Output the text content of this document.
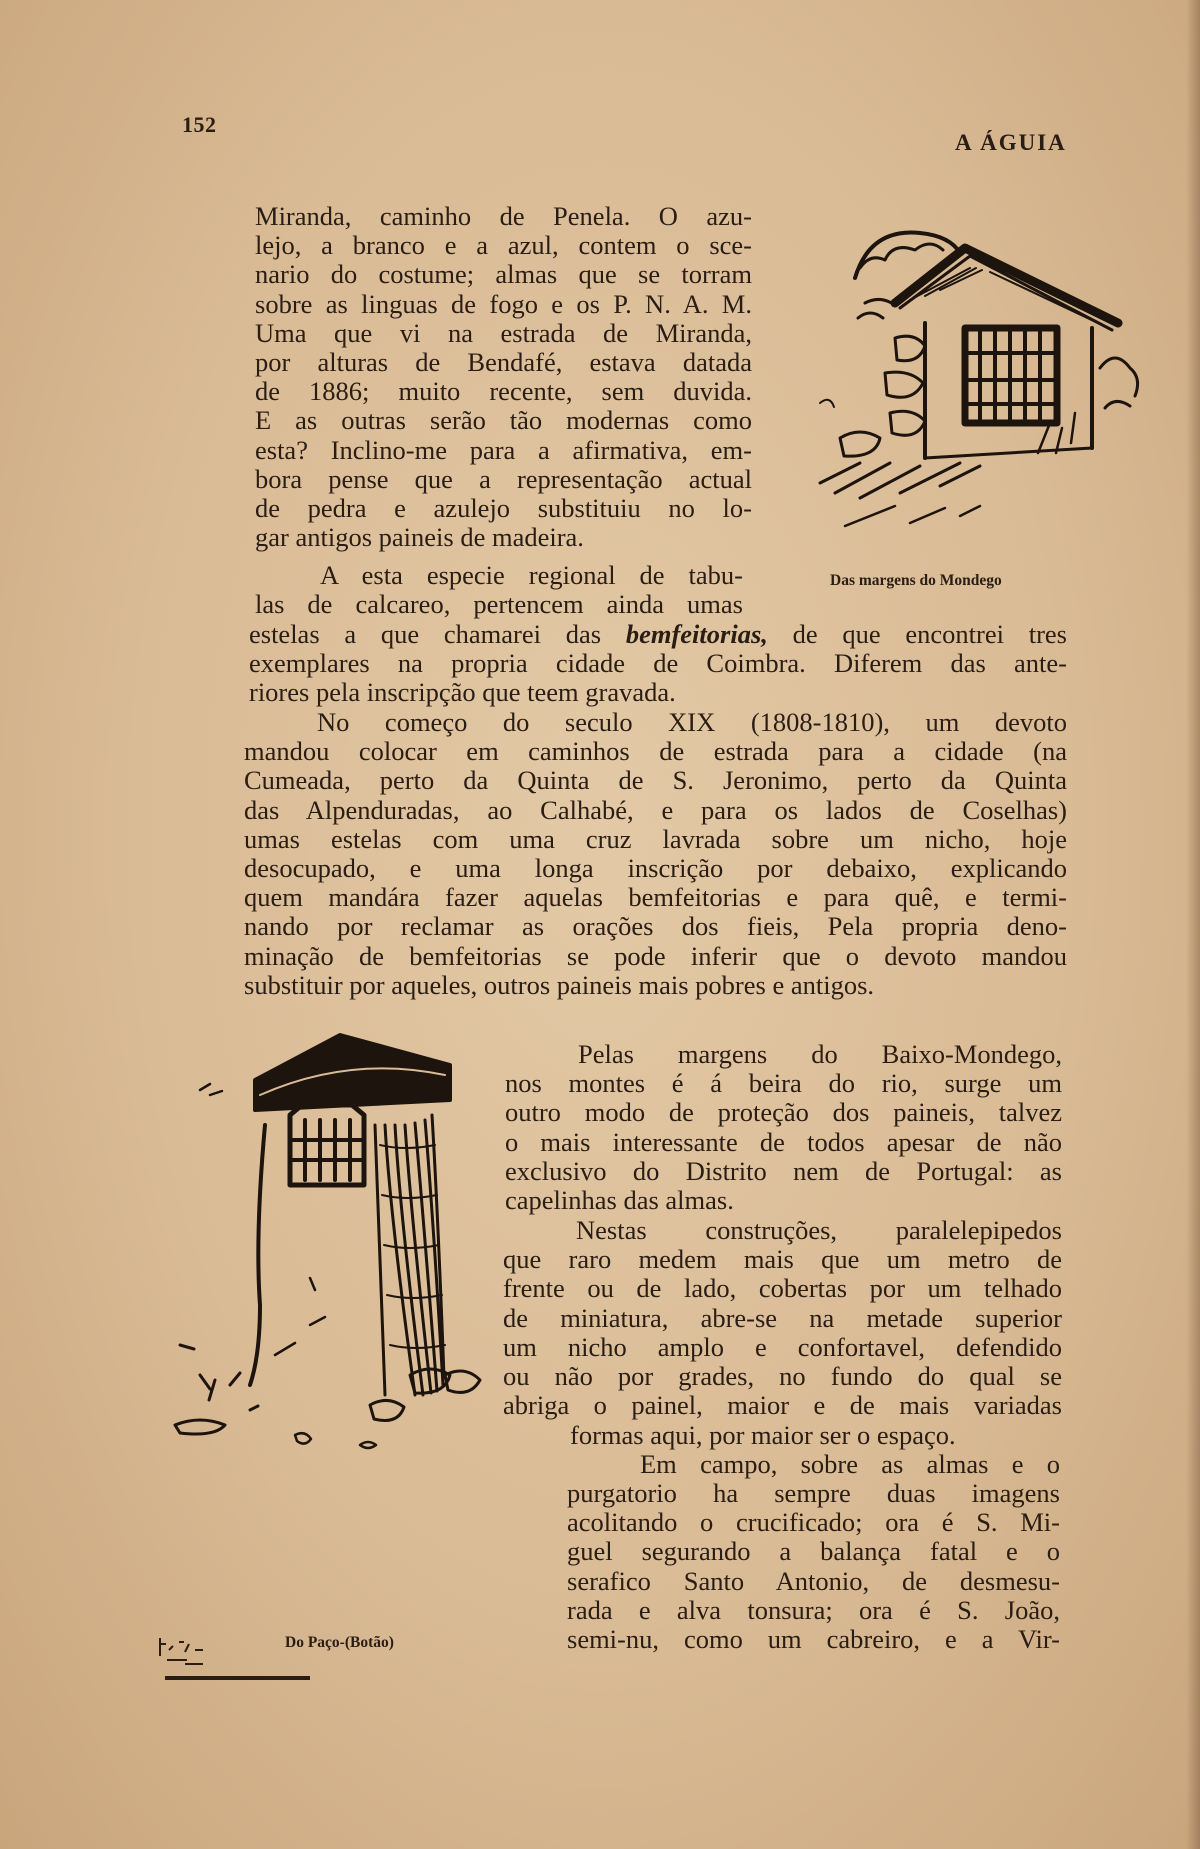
152
A ÁGUIA
Das margens do Mondego
Miranda, caminho de Penela. O azu-
lejo, a branco e a azul, contem o sce-
nario do costume; almas que se torram
sobre as linguas de fogo e os P. N. A. M.
Uma que vi na estrada de Miranda,
por alturas de Bendafé, estava datada
de 1886; muito recente, sem duvida.
E as outras serão tão modernas como
esta? Inclino-me para a afirmativa, em-
bora pense que a representação actual
de pedra e azulejo substituiu no lo-
gar antigos paineis de madeira.
A esta especie regional de tabu-
las de calcareo, pertencem ainda umas
estelas a que chamarei das bemfeitorias, de que encontrei tres
exemplares na propria cidade de Coimbra. Diferem das ante-
riores pela inscripção que teem gravada.
No começo do seculo XIX (1808-1810), um devoto
mandou colocar em caminhos de estrada para a cidade (na
Cumeada, perto da Quinta de S. Jeronimo, perto da Quinta
das Alpenduradas, ao Calhabé, e para os lados de Coselhas)
umas estelas com uma cruz lavrada sobre um nicho, hoje
desocupado, e uma longa inscrição por debaixo, explicando
quem mandára fazer aquelas bemfeitorias e para quê, e termi-
nando por reclamar as orações dos fieis, Pela propria deno-
minação de bemfeitorias se pode inferir que o devoto mandou
substituir por aqueles, outros paineis mais pobres e antigos.
Do Paço-(Botão)
Pelas margens do Baixo-Mondego,
nos montes é á beira do rio, surge um
outro modo de proteção dos paineis, talvez
o mais interessante de todos apesar de não
exclusivo do Distrito nem de Portugal: as
capelinhas das almas.
Nestas construções, paralelepipedos
que raro medem mais que um metro de
frente ou de lado, cobertas por um telhado
de miniatura, abre-se na metade superior
um nicho amplo e confortavel, defendido
ou não por grades, no fundo do qual se
abriga o painel, maior e de mais variadas
formas aqui, por maior ser o espaço.
Em campo, sobre as almas e o
purgatorio ha sempre duas imagens
acolitando o crucificado; ora é S. Mi-
guel segurando a balança fatal e o
serafico Santo Antonio, de desmesu-
rada e alva tonsura; ora é S. João,
semi-nu, como um cabreiro, e a Vir-
